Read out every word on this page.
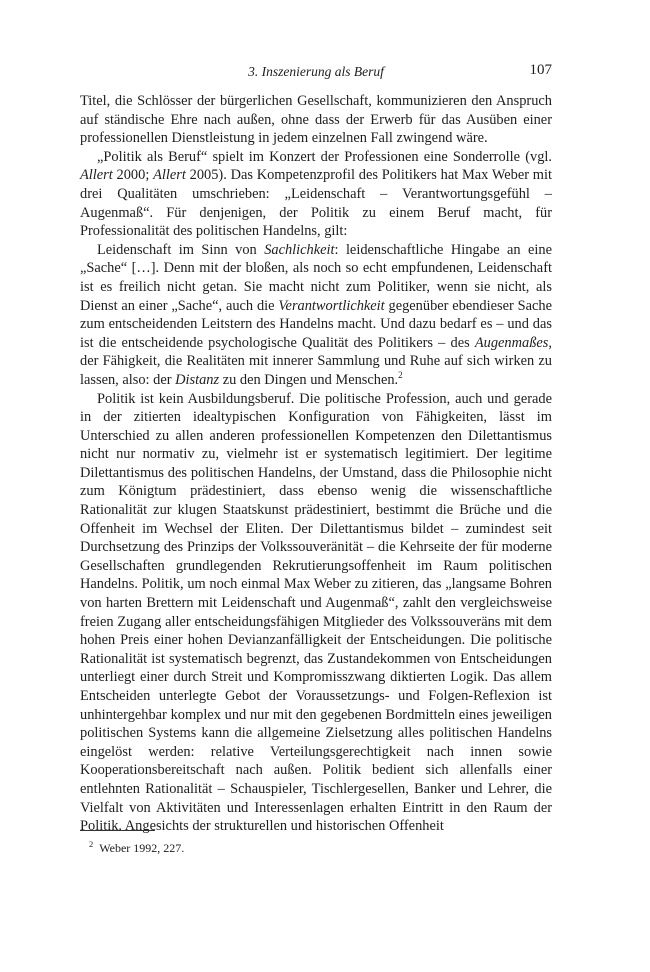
3. Inszenierung als Beruf	107

Titel, die Schlösser der bürgerlichen Gesellschaft, kommunizieren den Anspruch auf ständische Ehre nach außen, ohne dass der Erwerb für das Ausüben einer professionellen Dienstleistung in jedem einzelnen Fall zwingend wäre.

„Politik als Beruf“ spielt im Konzert der Professionen eine Sonderrolle (vgl. Allert 2000; Allert 2005). Das Kompetenzprofil des Politikers hat Max Weber mit drei Qualitäten umschrieben: „Leidenschaft – Verantwortungsgefühl – Augenmaß“. Für denjenigen, der Politik zu einem Beruf macht, für Professionalität des politischen Handelns, gilt:

Leidenschaft im Sinn von Sachlichkeit: leidenschaftliche Hingabe an eine „Sache“ […]. Denn mit der bloßen, als noch so echt empfundenen, Leidenschaft ist es freilich nicht getan. Sie macht nicht zum Politiker, wenn sie nicht, als Dienst an einer „Sache“, auch die Verantwortlichkeit gegenüber ebendieser Sache zum entscheidenden Leitstern des Handelns macht. Und dazu bedarf es – und das ist die entscheidende psychologische Qualität des Politikers – des Augenmaßes, der Fähigkeit, die Realitäten mit innerer Sammlung und Ruhe auf sich wirken zu lassen, also: der Distanz zu den Dingen und Menschen.$^2$

Politik ist kein Ausbildungsberuf. Die politische Profession, auch und gerade in der zitierten idealtypischen Konfiguration von Fähigkeiten, lässt im Unterschied zu allen anderen professionellen Kompetenzen den Dilettantismus nicht nur normativ zu, vielmehr ist er systematisch legitimiert. Der legitime Dilettantismus des politischen Handelns, der Umstand, dass die Philosophie nicht zum Königtum prädestiniert, dass ebenso wenig die wissenschaftliche Rationalität zur klugen Staatskunst prädestiniert, bestimmt die Brüche und die Offenheit im Wechsel der Eliten. Der Dilettantismus bildet – zumindest seit Durchsetzung des Prinzips der Volkssouveränität – die Kehrseite der für moderne Gesellschaften grundlegenden Rekrutierungsoffenheit im Raum politischen Handelns. Politik, um noch einmal Max Weber zu zitieren, das „langsame Bohren von harten Brettern mit Leidenschaft und Augenmaß“, zahlt den vergleichsweise freien Zugang aller entscheidungsfähigen Mitglieder des Volkssouveräns mit dem hohen Preis einer hohen Devianzanfälligkeit der Entscheidungen. Die politische Rationalität ist systematisch begrenzt, das Zustandekommen von Entscheidungen unterliegt einer durch Streit und Kompromisszwang diktierten Logik. Das allem Entscheiden unterlegte Gebot der Voraussetzungs- und Folgen-Reflexion ist unhintergehbar komplex und nur mit den gegebenen Bordmitteln eines jeweiligen politischen Systems kann die allgemeine Zielsetzung alles politischen Handelns eingelöst werden: relative Verteilungsgerechtigkeit nach innen sowie Kooperationsbereitschaft nach außen. Politik bedient sich allenfalls einer entlehnten Rationalität – Schauspieler, Tischlergesellen, Banker und Lehrer, die Vielfalt von Aktivitäten und Interessenlagen erhalten Eintritt in den Raum der Politik. Angesichts der strukturellen und historischen Offenheit

$^2$ Weber 1992, 227.
